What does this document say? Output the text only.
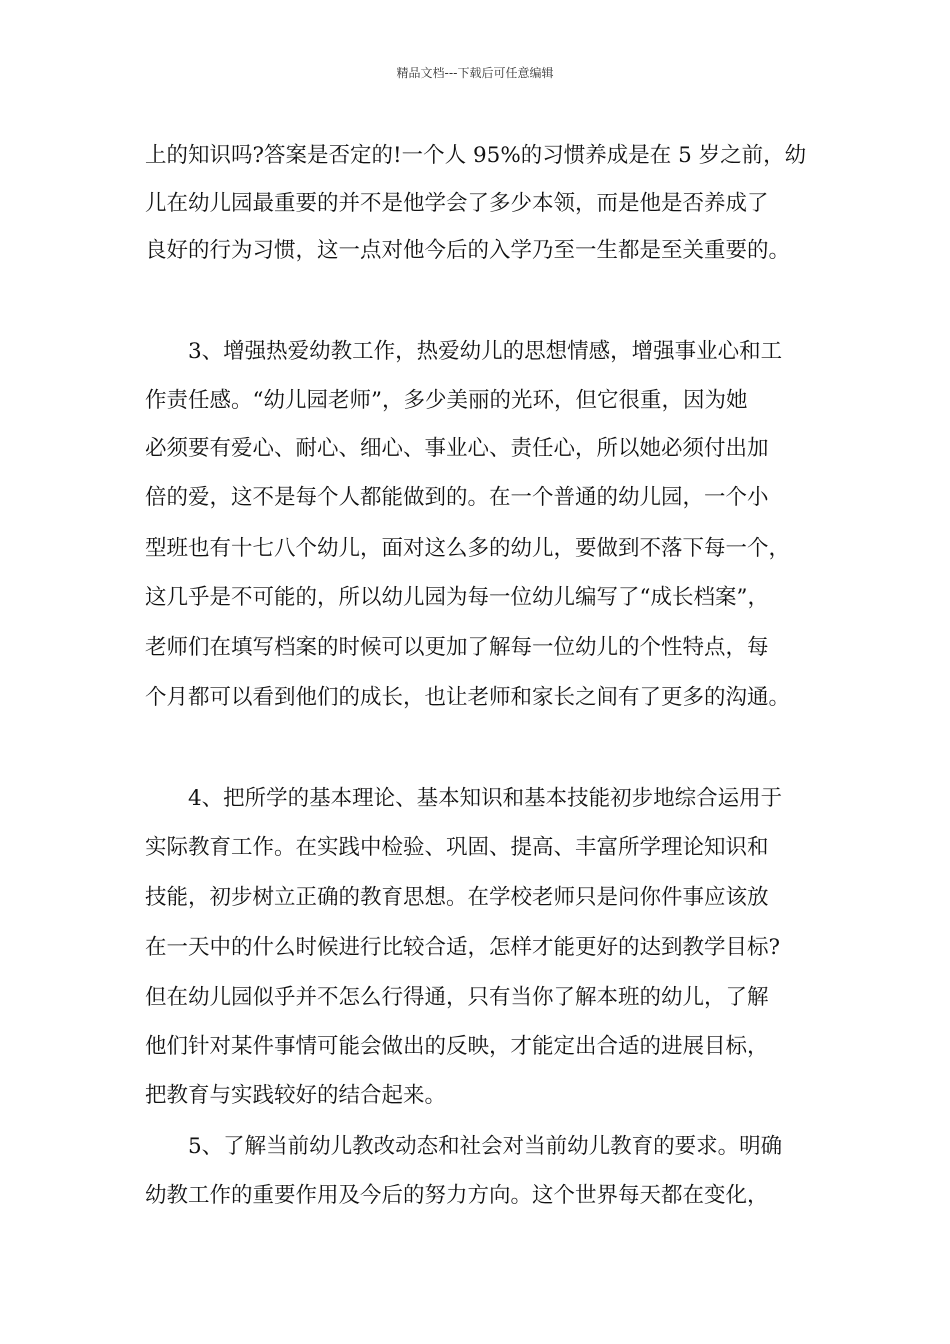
精品文档---下载后可任意编辑
上的知识吗?答案是否定的!一个人 95%的习惯养成是在 5 岁之前，幼
儿在幼儿园最重要的并不是他学会了多少本领，而是他是否养成了
良好的行为习惯，这一点对他今后的入学乃至一生都是至关重要的。
3、增强热爱幼教工作，热爱幼儿的思想情感，增强事业心和工
作责任感。“幼儿园老师”，多少美丽的光环，但它很重，因为她
必须要有爱心、耐心、细心、事业心、责任心，所以她必须付出加
倍的爱，这不是每个人都能做到的。在一个普通的幼儿园，一个小
型班也有十七八个幼儿，面对这么多的幼儿，要做到不落下每一个，
这几乎是不可能的，所以幼儿园为每一位幼儿编写了“成长档案”，
老师们在填写档案的时候可以更加了解每一位幼儿的个性特点，每
个月都可以看到他们的成长，也让老师和家长之间有了更多的沟通。
4、把所学的基本理论、基本知识和基本技能初步地综合运用于
实际教育工作。在实践中检验、巩固、提高、丰富所学理论知识和
技能，初步树立正确的教育思想。在学校老师只是问你件事应该放
在一天中的什么时候进行比较合适，怎样才能更好的达到教学目标?
但在幼儿园似乎并不怎么行得通，只有当你了解本班的幼儿，了解
他们针对某件事情可能会做出的反映，才能定出合适的进展目标，
把教育与实践较好的结合起来。
5、了解当前幼儿教改动态和社会对当前幼儿教育的要求。明确
幼教工作的重要作用及今后的努力方向。这个世界每天都在变化，
